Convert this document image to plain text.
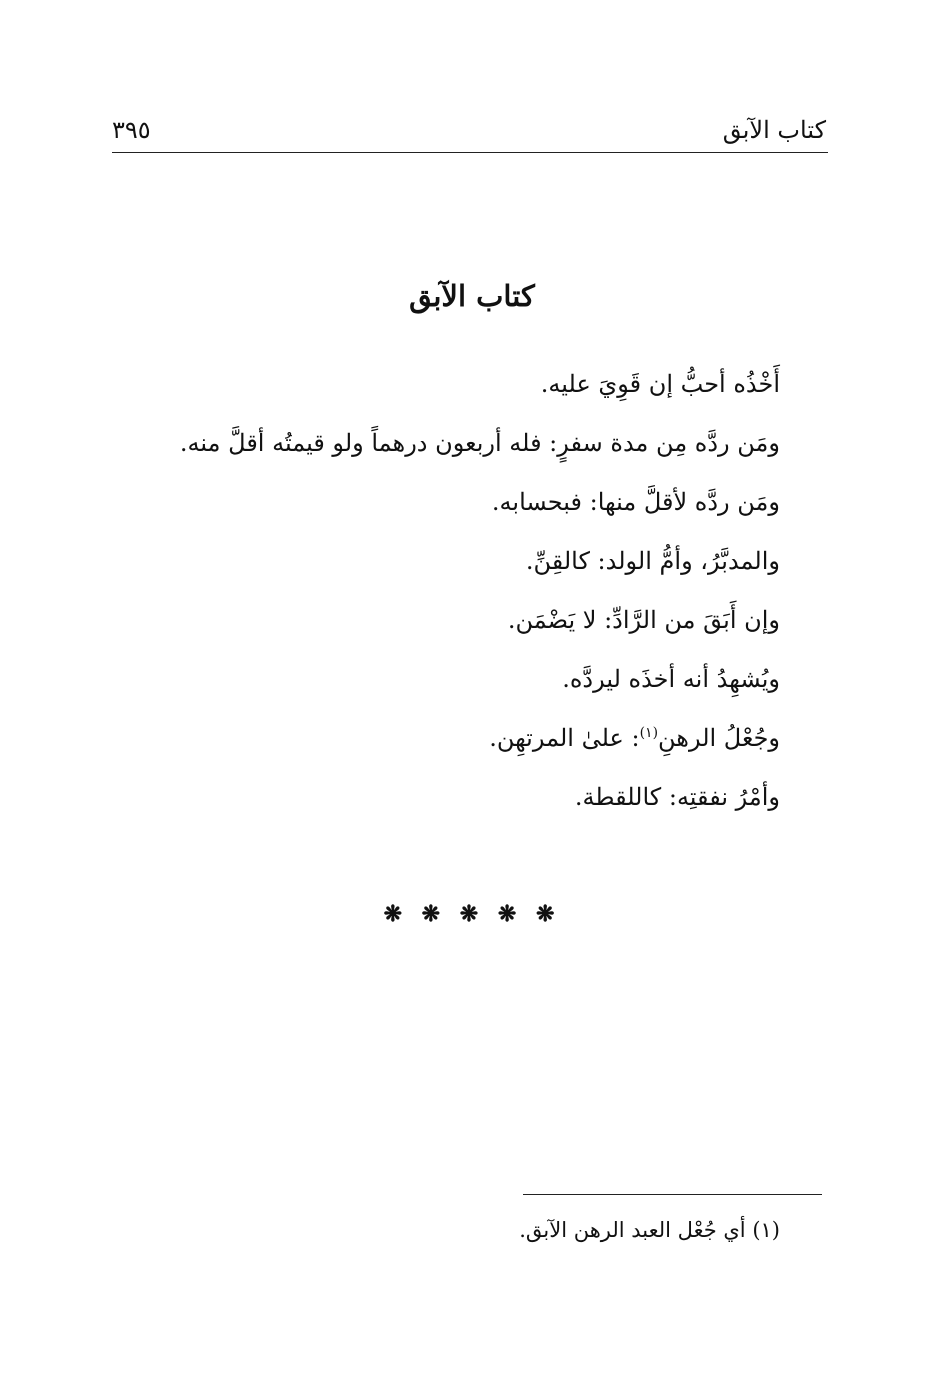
كتاب الآبق
٣٩٥
كتاب الآبق
أَخْذُه أحبُّ إن قَوِيَ عليه.
ومَن ردَّه مِن مدة سفرٍ: فله أربعون درهماً ولو قيمتُه أقلَّ منه.
ومَن ردَّه لأقلَّ منها: فبحسابه.
والمدبَّرُ، وأمُّ الولد: كالقِنِّ.
وإن أَبَقَ من الرَّادِّ: لا يَضْمَن.
ويُشهِدُ أنه أخذَه ليردَّه.
وجُعْلُ الرهنِ$^{(١)}$: علىٰ المرتهِن.
وأمْرُ نفقتِه: كاللقطة.
❋ ❋ ❋ ❋ ❋
(١) أي جُعْل العبد الرهن الآبق.
